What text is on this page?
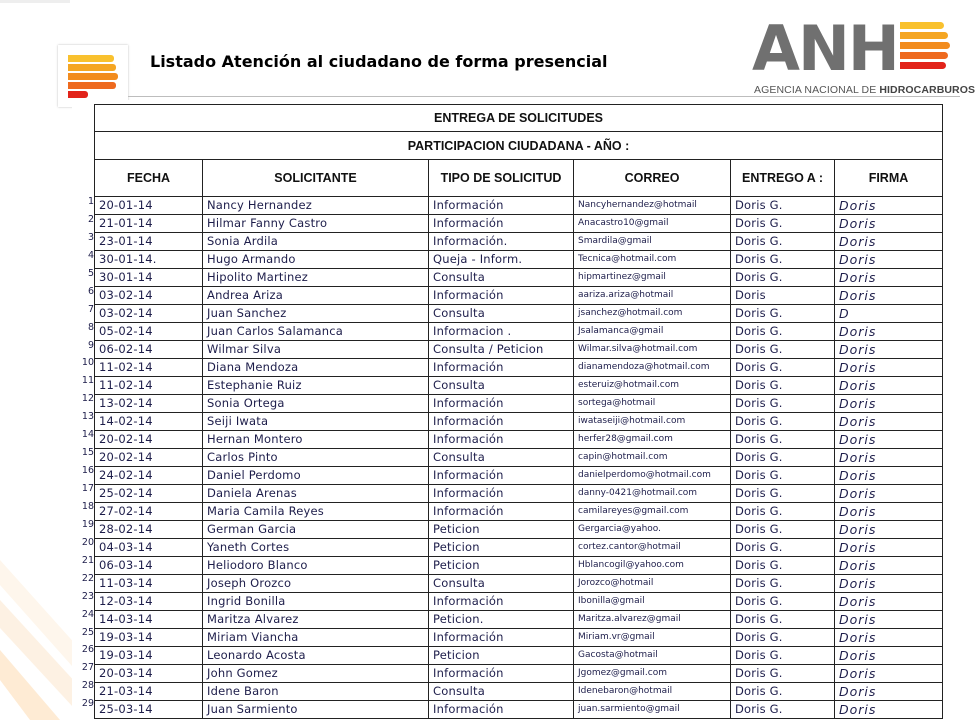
Listado Atención al ciudadano de forma presencial ANH
AGENCIA NACIONAL DE HIDROCARBUROS
1
2
3
4
5
6
7
8
9
10
11
12
13
14
15
16
17
18
19
20
21
22
23
24
25
26
27
28
29
ENTREGA DE SOLICITUDES					
PARTICIPACION CIUDADANA - AÑO :					
FECHA	SOLICITANTE	TIPO DE SOLICITUD	CORREO	ENTREGO A :	FIRMA
20-01-14	Nancy Hernandez	Información	Nancyhernandez@hotmail	Doris G.	Doris
21-01-14	Hilmar Fanny Castro	Información	Anacastro10@gmail	Doris G.	Doris
23-01-14	Sonia Ardila	Información.	Smardila@gmail	Doris G.	Doris
30-01-14.	Hugo Armando	Queja - Inform.	Tecnica@hotmail.com	Doris G.	Doris
30-01-14	Hipolito Martinez	Consulta	hipmartinez@gmail	Doris G.	Doris
03-02-14	Andrea Ariza	Información	aariza.ariza@hotmail	Doris	Doris
03-02-14	Juan Sanchez	Consulta	jsanchez@hotmail.com	Doris G.	D
05-02-14	Juan Carlos Salamanca	Informacion .	Jsalamanca@gmail	Doris G.	Doris
06-02-14	Wilmar Silva	Consulta / Peticion	Wilmar.silva@hotmail.com	Doris G.	Doris
11-02-14	Diana Mendoza	Información	dianamendoza@hotmail.com	Doris G.	Doris
11-02-14	Estephanie Ruiz	Consulta	esteruiz@hotmail.com	Doris G.	Doris
13-02-14	Sonia Ortega	Información	sortega@hotmail	Doris G.	Doris
14-02-14	Seiji Iwata	Información	iwataseiji@hotmail.com	Doris G.	Doris
20-02-14	Hernan Montero	Información	herfer28@gmail.com	Doris G.	Doris
20-02-14	Carlos Pinto	Consulta	capin@hotmail.com	Doris G.	Doris
24-02-14	Daniel Perdomo	Información	danielperdomo@hotmail.com	Doris G.	Doris
25-02-14	Daniela Arenas	Información	danny-0421@hotmail.com	Doris G.	Doris
27-02-14	Maria Camila Reyes	Información	camilareyes@gmail.com	Doris G.	Doris
28-02-14	German Garcia	Peticion	Gergarcia@yahoo.	Doris G.	Doris
04-03-14	Yaneth Cortes	Peticion	cortez.cantor@hotmail	Doris G.	Doris
06-03-14	Heliodoro Blanco	Peticion	Hblancogil@yahoo.com	Doris G.	Doris
11-03-14	Joseph Orozco	Consulta	Jorozco@hotmail	Doris G.	Doris
12-03-14	Ingrid Bonilla	Información	Ibonilla@gmail	Doris G.	Doris
14-03-14	Maritza Alvarez	Peticion.	Maritza.alvarez@gmail	Doris G.	Doris
19-03-14	Miriam Viancha	Información	Miriam.vr@gmail	Doris G.	Doris
19-03-14	Leonardo Acosta	Peticion	Gacosta@hotmail	Doris G.	Doris
20-03-14	John Gomez	Información	Jgomez@gmail.com	Doris G.	Doris
21-03-14	Idene Baron	Consulta	Idenebaron@hotmail	Doris G.	Doris
25-03-14	Juan Sarmiento	Información	juan.sarmiento@gmail	Doris G.	Doris
